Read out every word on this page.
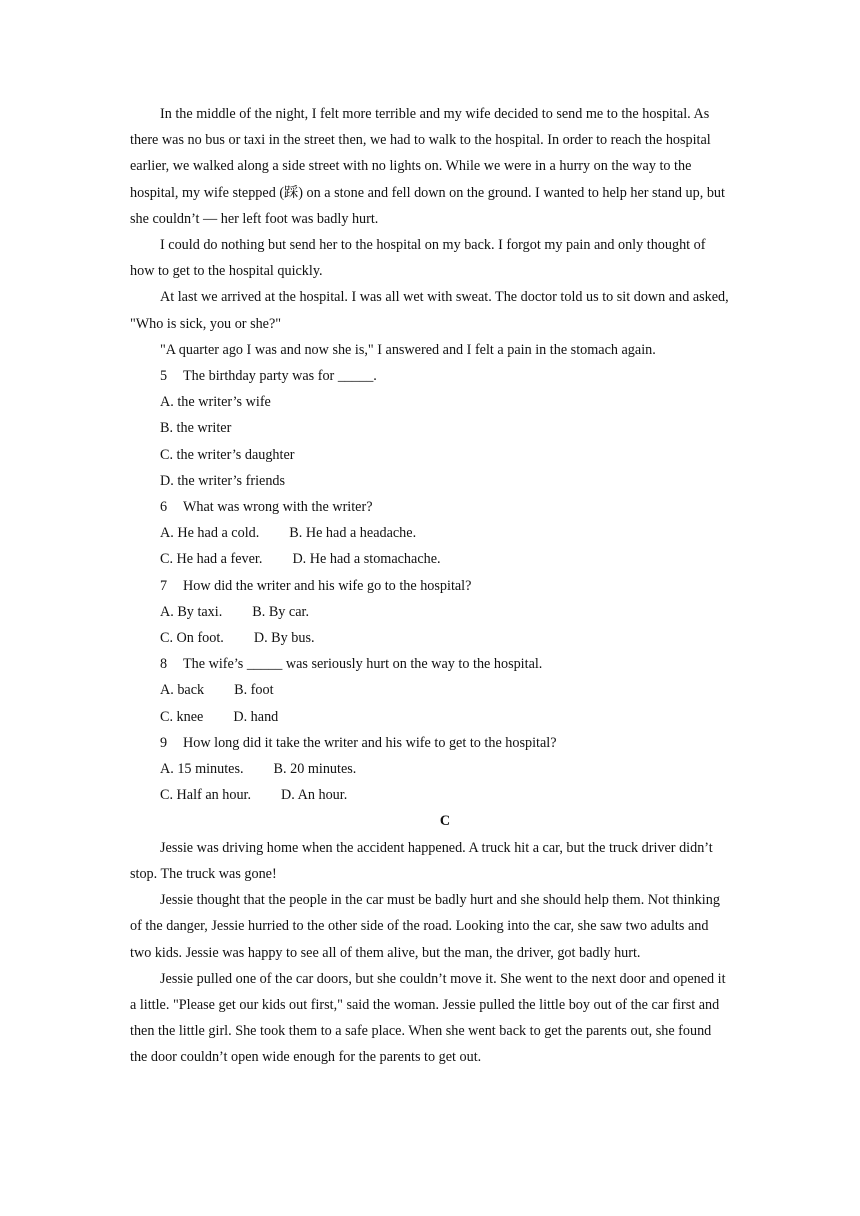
In the middle of the night, I felt more terrible and my wife decided to send me to the hospital. As there was no bus or taxi in the street then, we had to walk to the hospital. In order to reach the hospital earlier, we walked along a side street with no lights on. While we were in a hurry on the way to the hospital, my wife stepped (踩) on a stone and fell down on the ground. I wanted to help her stand up, but she couldn’t — her left foot was badly hurt.

I could do nothing but send her to the hospital on my back. I forgot my pain and only thought of how to get to the hospital quickly.

At last we arrived at the hospital. I was all wet with sweat. The doctor told us to sit down and asked, "Who is sick, you or she?"

"A quarter ago I was and now she is," I answered and I felt a pain in the stomach again.

5 The birthday party was for _____.

A. the writer’s wife

B. the writer

C. the writer’s daughter

D. the writer’s friends

6 What was wrong with the writer?

A. He had a cold. B. He had a headache.

C. He had a fever. D. He had a stomachache.

7 How did the writer and his wife go to the hospital?

A. By taxi. B. By car.

C. On foot. D. By bus.

8 The wife’s _____ was seriously hurt on the way to the hospital.

A. back B. foot

C. knee D. hand

9 How long did it take the writer and his wife to get to the hospital?

A. 15 minutes. B. 20 minutes.

C. Half an hour. D. An hour.

C

Jessie was driving home when the accident happened. A truck hit a car, but the truck driver didn’t stop. The truck was gone!

Jessie thought that the people in the car must be badly hurt and she should help them. Not thinking of the danger, Jessie hurried to the other side of the road. Looking into the car, she saw two adults and two kids. Jessie was happy to see all of them alive, but the man, the driver, got badly hurt.

Jessie pulled one of the car doors, but she couldn’t move it. She went to the next door and opened it a little. "Please get our kids out first," said the woman. Jessie pulled the little boy out of the car first and then the little girl. She took them to a safe place. When she went back to get the parents out, she found the door couldn’t open wide enough for the parents to get out.
